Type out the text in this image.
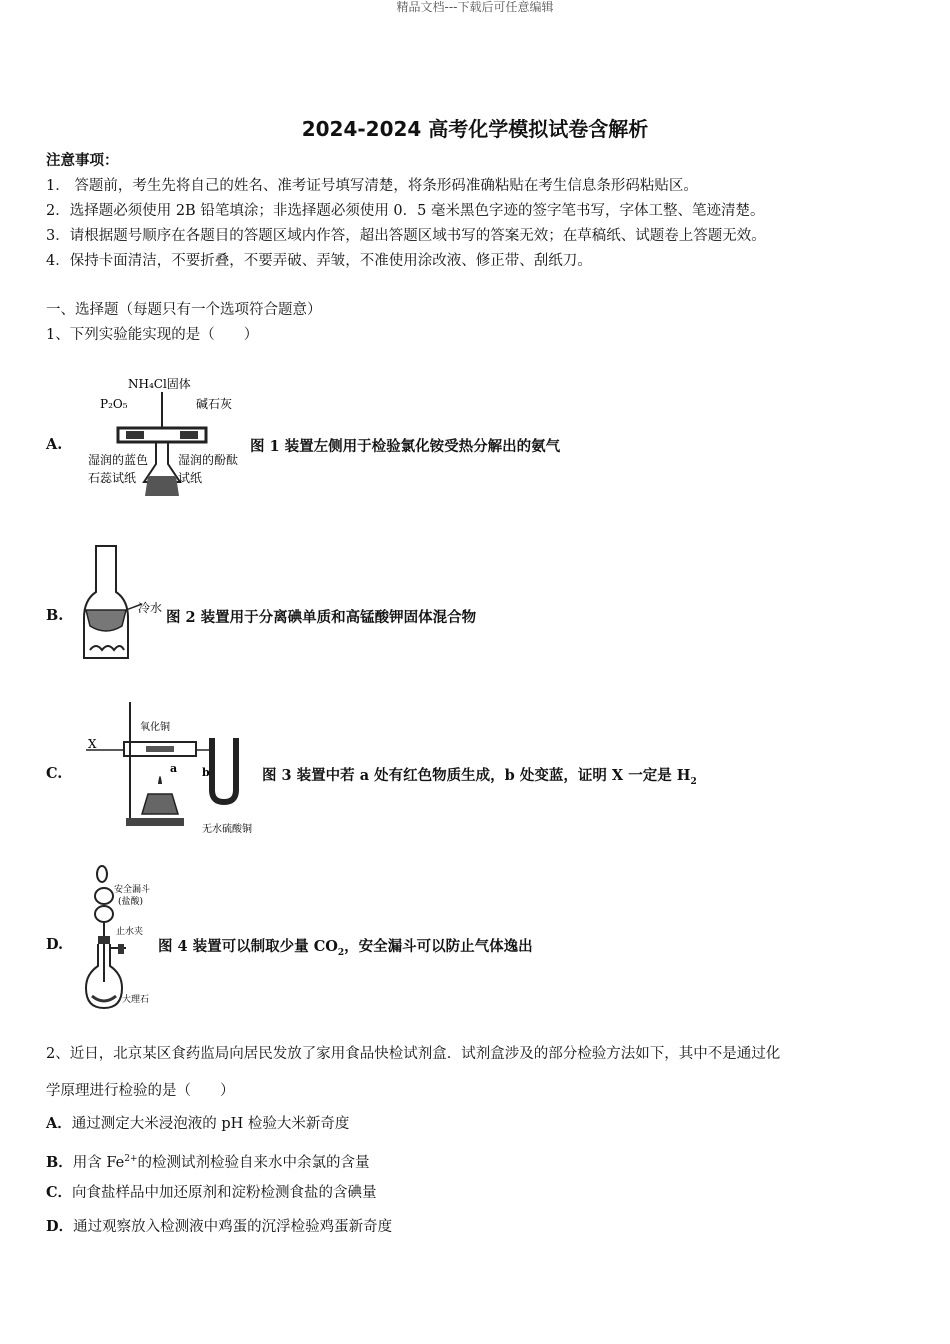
精品文档---下载后可任意编辑
2024-2024 高考化学模拟试卷含解析
注意事项：
1． 答题前，考生先将自己的姓名、准考证号填写清楚，将条形码准确粘贴在考生信息条形码粘贴区。
2．选择题必须使用 2B 铅笔填涂；非选择题必须使用 0．5 毫米黑色字迹的签字笔书写，字体工整、笔迹清楚。
3．请根据题号顺序在各题目的答题区域内作答，超出答题区域书写的答案无效；在草稿纸、试题卷上答题无效。
4．保持卡面清洁，不要折叠，不要弄破、弄皱，不准使用涂改液、修正带、刮纸刀。
一、选择题（每题只有一个选项符合题意）
1、下列实验能实现的是（　　）
A.
NH₄Cl固体
P₂O₅	碱石灰
湿润的蓝色
石蕊试纸
湿润的酚酞
试纸
图 1 装置左侧用于检验氯化铵受热分解出的氨气
B.	冷水
图 2 装置用于分离碘单质和高锰酸钾固体混合物
C.
X
氧化铜
a b
无水硫酸铜
图 3 装置中若 a 处有红色物质生成，b 处变蓝，证明 X 一定是 $H_2$
D.
安全漏斗
(盐酸)
止水夹
大理石
图 4 装置可以制取少量 $CO_2$，安全漏斗可以防止气体逸出
2、近日，北京某区食药监局向居民发放了家用食品快检试剂盒．试剂盒涉及的部分检验方法如下，其中不是通过化
学原理进行检验的是（　　）
A．通过测定大米浸泡液的 pH 检验大米新奇度
B．用含 $Fe^{2+}$的检测试剂检验自来水中余氯的含量
C．向食盐样品中加还原剂和淀粉检测食盐的含碘量
D．通过观察放入检测液中鸡蛋的沉浮检验鸡蛋新奇度
